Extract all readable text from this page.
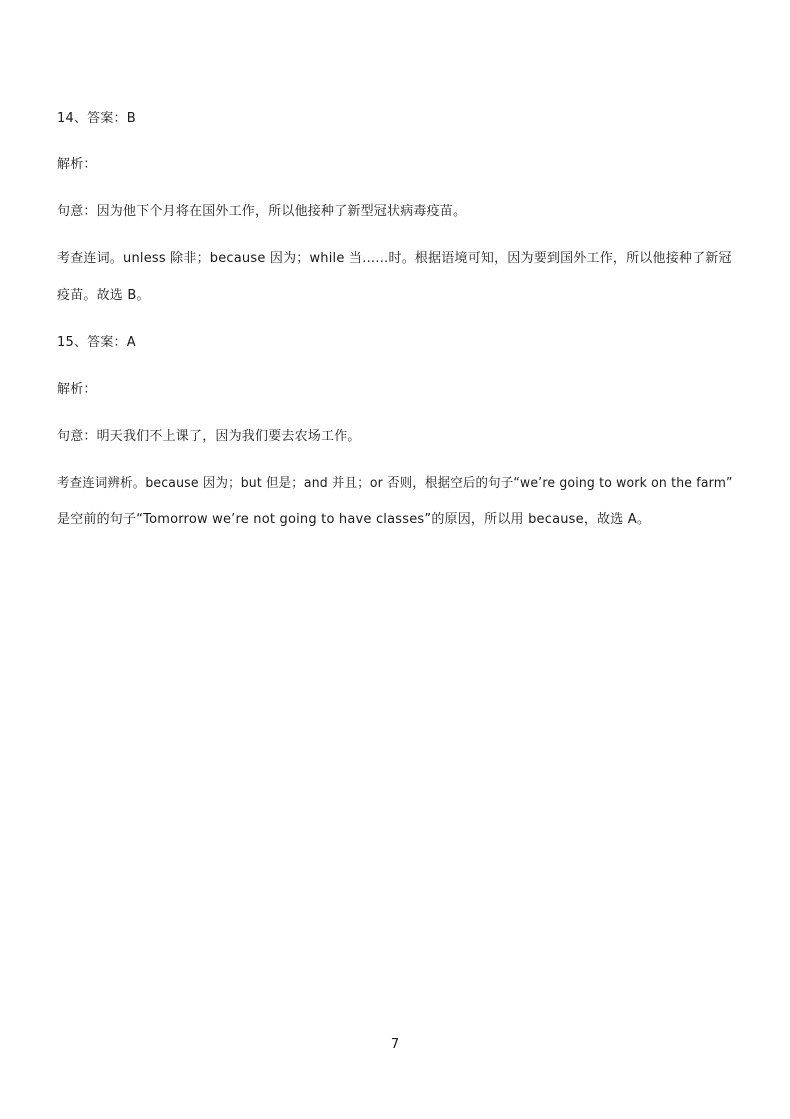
14、答案：B
解析：
句意：因为他下个月将在国外工作，所以他接种了新型冠状病毒疫苗。
考查连词。unless 除非；because 因为；while 当……时。根据语境可知，因为要到国外工作，所以他接种了新冠
疫苗。故选 B。
15、答案：A
解析：
句意：明天我们不上课了，因为我们要去农场工作。
考查连词辨析。because 因为；but 但是；and 并且；or 否则，根据空后的句子“we’re going to work on the farm”
是空前的句子“Tomorrow we’re not going to have classes”的原因，所以用 because，故选 A。
7
